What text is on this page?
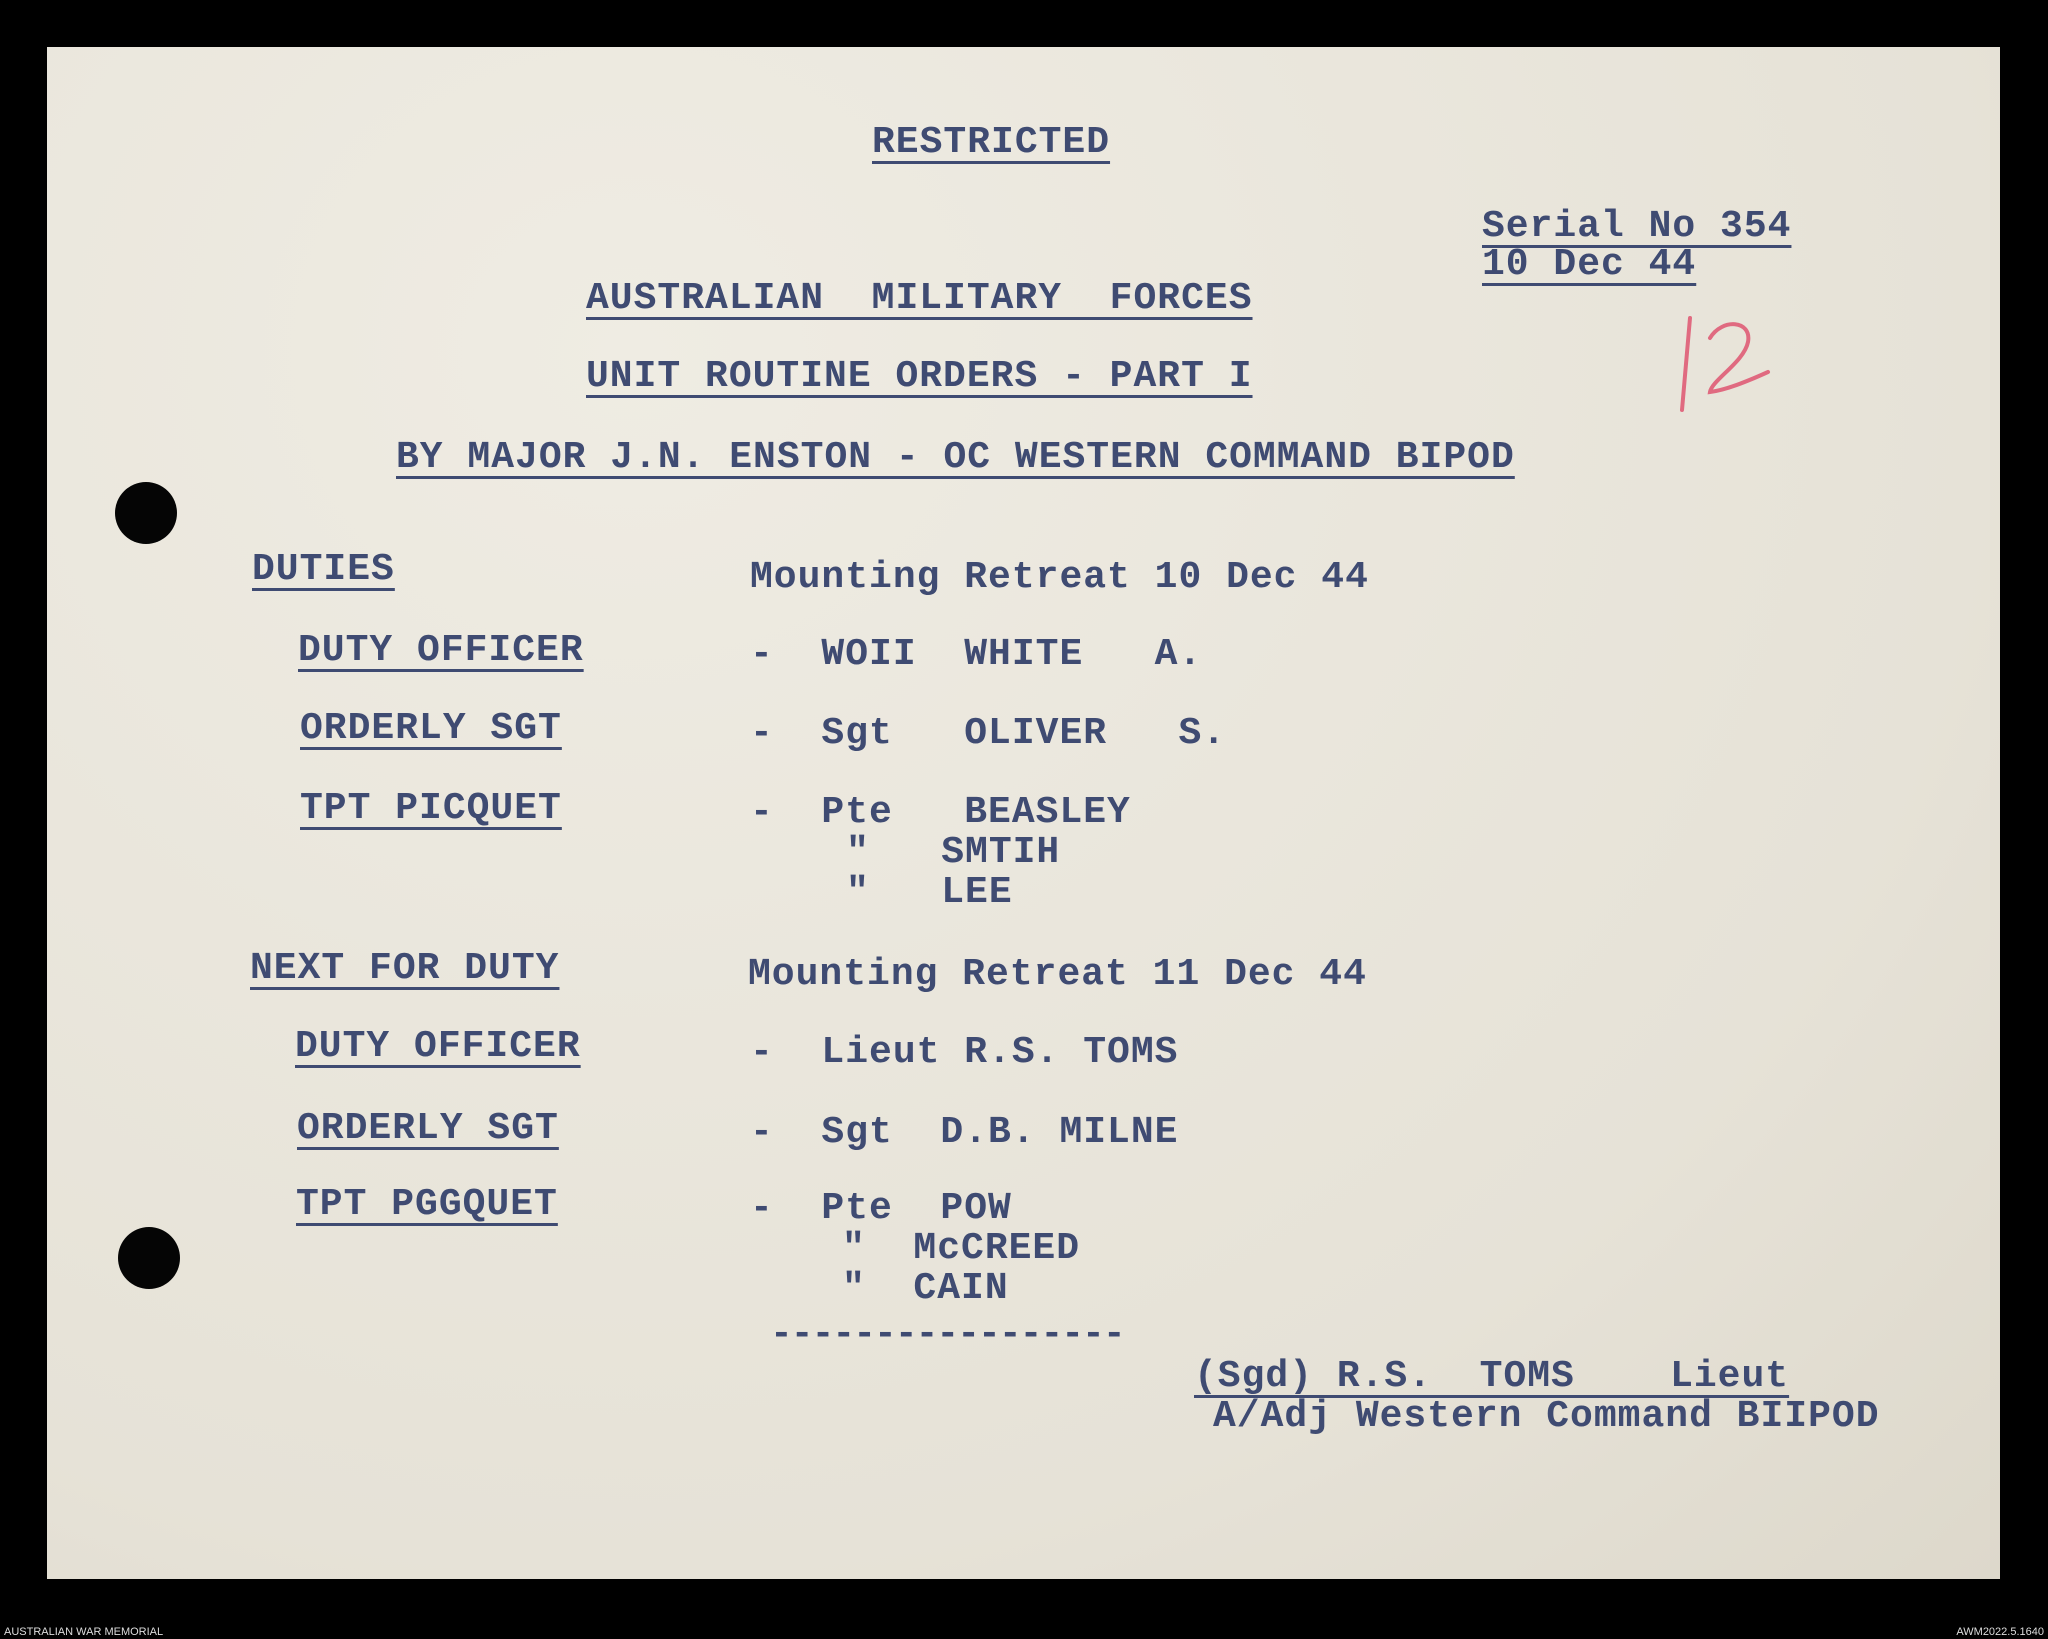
RESTRICTED
Serial No 354
10 Dec 44
AUSTRALIAN  MILITARY  FORCES
UNIT ROUTINE ORDERS - PART I
BY MAJOR J.N. ENSTON - OC WESTERN COMMAND BIPOD
DUTIES	Mounting Retreat 10 Dec 44
DUTY OFFICER	-  WOII  WHITE   A.
ORDERLY SGT	-  Sgt   OLIVER   S.
TPT PICQUET	-  Pte   BEASLEY
"   SMTIH
"   LEE
NEXT FOR DUTY	Mounting Retreat 11 Dec 44
DUTY OFFICER	-  Lieut R.S. TOMS
ORDERLY SGT	-  Sgt  D.B. MILNE
TPT PGGQUET	-  Pte  POW
"  McCREED
"  CAIN
-----------------
(Sgd) R.S.  TOMS    Lieut
A/Adj Western Command BIIPOD
AUSTRALIAN WAR MEMORIAL	AWM2022.5.1640
